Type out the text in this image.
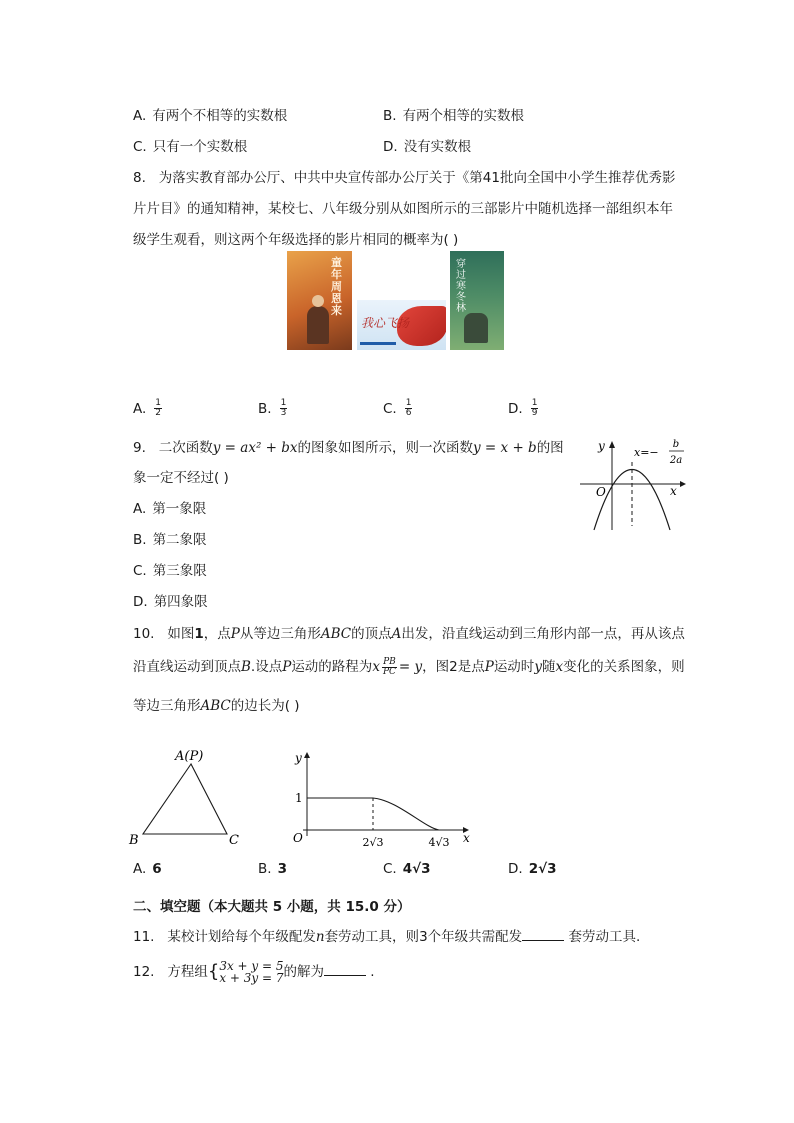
A. 有两个不相等的实数根	B. 有两个相等的实数根
C. 只有一个实数根	D. 没有实数根
8. 为落实教育部办公厅、中共中央宣传部办公厅关于《第41批向全国中小学生推荐优秀影
片片目》的通知精神，某校七、八年级分别从如图所示的三部影片中随机选择一部组织本年
级学生观看，则这两个年级选择的影片相同的概率为( )
童年周恩来
我心飞扬
穿过寒冬林
A. $\frac{1}{2}$	B. $\frac{1}{3}$	C. $\frac{1}{6}$	D. $\frac{1}{9}$
9. 二次函数y = ax² + bx的图象如图所示，则一次函数y = x + b的图
象一定不经过( )
y
x
O
x=−
b
2a
A. 第一象限
B. 第二象限
C. 第三象限
D. 第四象限
10. 如图1，点P从等边三角形ABC的顶点A出发，沿直线运动到三角形内部一点，再从该点
沿直线运动到顶点B.设点P运动的路程为x $\frac{PB}{PC} = y$，图2是点P运动时y随x变化的关系图象，则
等边三角形ABC的边长为( )
A(P)
B	C
y
x
O
1
2√3	4√3
A. 6	B. 3	C. 4√3	D. 2√3
二、填空题（本大题共 5 小题，共 15.0 分）
11. 某校计划给每个年级配发n套劳动工具，则3个年级共需配发	套劳动工具.
12. 方程组{ 3x + y = 5
x + 3y = 7 的解为	.
